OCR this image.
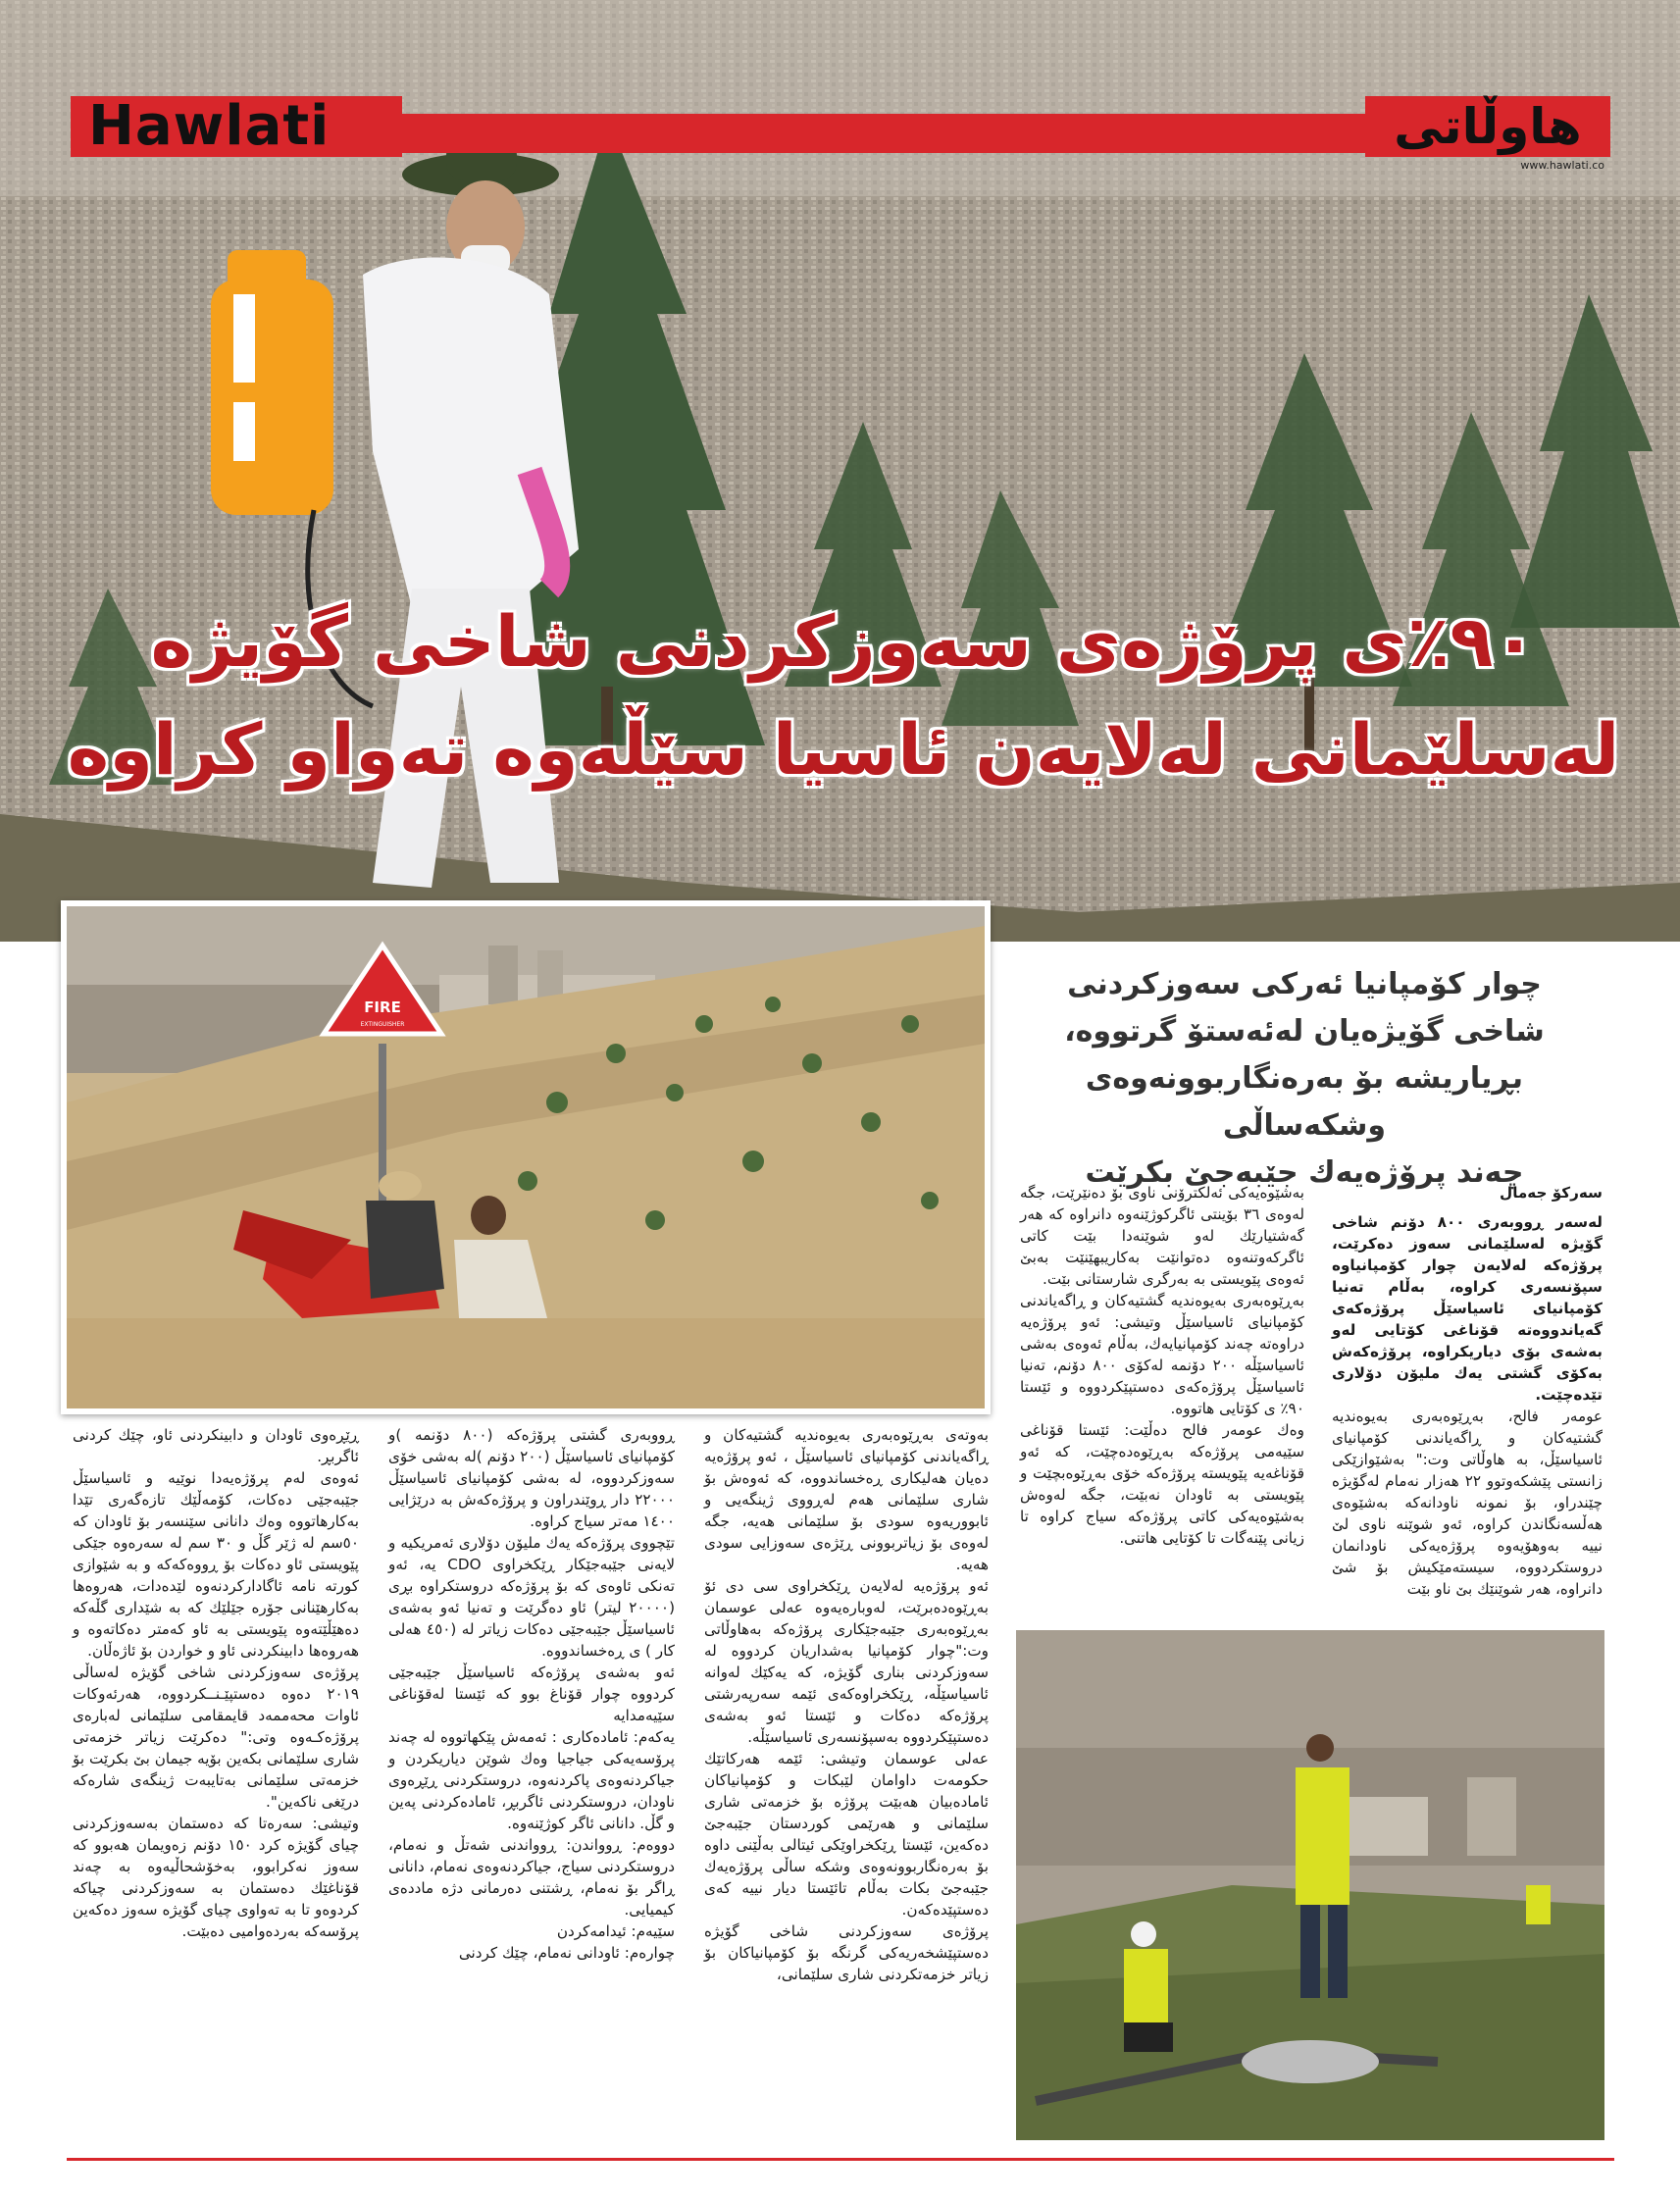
Hawlati	هاوڵاتی
www.hawlati.co
٩٠٪ی پرۆژەی سەوزکردنی شاخی گۆیژە
لەسلێمانی لەلایەن ئاسیا سێڵەوە تەواو کراوە
FIRE
EXTINGUISHER
چوار کۆمپانیا ئەرکی سەوزکردنی
شاخی گۆیژەیان لەئەستۆ گرتووە،
بڕیاریشە بۆ بەرەنگاربوونەوەی وشکەساڵی
چەند پرۆژەیەك جێبەجێ بکرێت

سەرکۆ جەمال

لەسەر ڕووبەری ٨٠٠ دۆنم شاخی گۆیژە لەسلێمانی سەوز دەکرێت، پرۆژەکە لەلایەن چوار کۆمپانیاوە سپۆنسەری کراوە، بەڵام تەنیا کۆمپانیای ئاسیاسێڵ پرۆژەکەی گەیاندووەتە قۆناغی کۆتایی لەو بەشەی بۆی دیاریکراوە، پرۆژەکەش بەکۆی گشتی یەك ملیۆن دۆلاری تێدەچێت.

عومەر فالح، بەڕێوەبەری بەیوەندیە گشتیەکان و ڕاگەیاندنی کۆمپانیای ئاسیاسێڵ، بە هاوڵاتی وت:" بەشێوازێکی زانستی پێشکەوتوو ٢٢ هەزار نەمام لەگۆیژە چێندراو، بۆ نمونە ناودانەکە بەشێوەی هەڵسەنگاندن کراوە، ئەو شوێنە ناوی لێ نییە بەوهۆیەوە پرۆژەیەکی ناودانمان دروستکردووە، سیستەمێکیش بۆ شێ دانراوە، هەر شوێنێك بێ ناو بێت

بەشێوەیەکی ئەلکترۆنی ناوی بۆ دەنێرێت، جگە لەوەی ٣٦ بۆینتی ئاگرکوژێنەوە دانراوە کە هەر گەشتیارێك لەو شوێنەدا بێت کاتی ئاگرکەوتنەوە دەتوانێت بەکاریبهێنێت بەبێ ئەوەی پێویستی بە بەرگری شارستانی بێت.

بەڕێوەبەری بەیوەندیە گشتیەکان و ڕاگەیاندنی کۆمپانیای ئاسیاسێڵ وتیشی: ئەو پرۆژەیە دراوەتە چەند کۆمپانیایەك، بەڵام ئەوەی بەشی ئاسیاسێڵە ٢٠٠ دۆنمە لەکۆی ٨٠٠ دۆنم، تەنیا ئاسیاسێڵ پرۆژەکەی دەستپێکردووە و ئێستا ٩٠٪ ی کۆتایی هاتووە.

وەك عومەر فالح دەڵێت: ئێستا قۆناغی سێیەمی پرۆژەکە بەڕێوەدەچێت، کە ئەو قۆناغەیە پێویستە پرۆژەکە خۆی بەڕێوەبچێت و پێویستی بە ئاودان نەبێت، جگە لەوەش بەشێوەیەکی کاتی پرۆژەکە سیاج کراوە تا زیانی پێنەگات تا کۆتایی هاتنی.

بەوتەی بەڕێوەبەری بەیوەندیە گشتیەکان و ڕاگەیاندنی کۆمپانیای ئاسیاسێڵ ، ئەو پرۆژەیە دەیان هەلیکاری ڕەخساندووە، کە ئەوەش بۆ شاری سلێمانی هەم لەڕووی ژینگەیی و ئابووریەوە سودی بۆ سلێمانی هەیە، جگە لەوەی بۆ زیاتربوونی ڕێژەی سەوزایی سودی هەیە.

ئەو پرۆژەیە لەلایەن ڕێکخراوی سی دی ئۆ بەڕێوەدەبرێت، لەوبارەیەوە عەلی عوسمان بەڕێوەبەری جێبەجێکاری پرۆژەکە بەهاوڵاتی وت:"چوار کۆمپانیا بەشداریان کردووە لە سەوزکردنی بناری گۆیژە، کە یەکێك لەوانە ئاسیاسێڵە، ڕێکخراوەکەی ئێمە سەرپەرشتی پرۆژەکە دەکات و ئێستا ئەو بەشەی دەستپێکردووە بەسپۆنسەری ئاسیاسێڵە.

عەلی عوسمان وتیشی: ئێمە هەرکاتێك حکومەت داوامان لێبکات و کۆمپانیاکان ئامادەبیان هەبێت پرۆژە بۆ خزمەتی شاری سلێمانی و هەرێمی کوردستان جێبەجێ دەکەین، ئێستا ڕێکخراوێکی ئیتالی بەڵێنی داوە بۆ بەرەنگاربوونەوەی وشکە ساڵی پرۆژەیەك جێبەجێ بکات بەڵام تائێستا دیار نییە کەی دەستپێدەکەن.

پرۆژەی سەوزکردنی شاخی گۆیژە دەستپێشخەریەکی گرنگە بۆ کۆمپانیاکان بۆ زیاتر خزمەتکردنی شاری سلێمانی،

ڕووبەری گشتی پرۆژەکە (٨٠٠ دۆنمە )و کۆمپانیای ئاسیاسێڵ (٢٠٠ دۆنم )لە بەشی خۆی سەوزکردووە، لە بەشی کۆمپانیای ئاسیاسێڵ ٢٢٠٠٠ دار ڕوێندراون و پرۆژەکەش بە درێژایی ١٤٠٠ مەتر سیاج کراوە.

تێچووی پرۆژەکە یەك ملیۆن دۆلاری ئەمریکیە و لایەنی جێبەجێکار ڕێکخراوی CDO یە، ئەو تەنکی ئاوەی کە بۆ پرۆژەکە دروستکراوە بڕی (٢٠٠٠٠ لیتر) ئاو دەگرێت و تەنیا ئەو بەشەی ئاسیاسێڵ جێبەجێی دەکات زیاتر لە (٤٥٠ هەلی کار ) ی ڕەخساندووە.

ئەو بەشەی پرۆژەکە ئاسیاسێڵ جێبەجێی کردووە چوار قۆناغ بوو کە ئێستا لەقۆناغی سێیەمدایە

یەکەم: ئامادەکاری : ئەمەش پێکهاتووە لە چەند پرۆسەیەکی جیاجیا وەك شوێن دیاریکردن و جیاکردنەوەی پاکردنەوە، دروستکردنی ڕێڕەوی ناودان، دروستکردنی ئاگربڕ، ئامادەکردنی پەین و گڵ. دانانی ئاگر کوژێنەوە.

دووەم: ڕوواندن: ڕوواندنی شەتڵ و نەمام، دروستکردنی سیاج، جیاکردنەوەی نەمام، دانانی ڕاگر بۆ نەمام، ڕشتنی دەرمانی دژە ماددەی کیمیایی.

سێیەم: ئیدامەکردن

چوارەم: ئاودانی نەمام، چێك کردنی

ڕێڕەوی ئاودان و دابینکردنی ئاو، چێك کردنی ئاگربڕ.

ئەوەی لەم پرۆژەیەدا نوێیە و ئاسیاسێڵ جێبەجێی دەکات، کۆمەڵێك تازەگەری تێدا بەکارهاتووە وەك دانانی سێنسەر بۆ ئاودان کە ٥٠سم لە ژێر گڵ و ٣٠ سم لە سەرەوە جێکی پێویستی ئاو دەکات بۆ ڕووەکەکە و بە شێوازی کورتە نامە ئاگادارکردنەوە لێدەدات، هەروەها بەکارهێنانی جۆرە جێلێك کە بە شێداری گڵەکە دەهێڵێتەوە پێویستی بە ئاو کەمتر دەکاتەوە و هەروەها دابینکردنی ئاو و خواردن بۆ ئاژەڵان.

پرۆژەی سەوزکردنی شاخی گۆیژە لەساڵی ٢٠١٩ دەوە دەستپێـنــکردووە، هەرئەوکات ئاوات محەممەد قایمقامی سلێمانی لەبارەی پرۆژەکـەوە وتی:" دەکرێت زیاتر خزمەتی شاری سلێمانی بکەین بۆیە جیمان بێ بکرێت بۆ خزمەتی سلێمانی بەتایبەت ژینگەی شارەکە درێغی ناکەین".

وتیشی: سەرەتا کە دەستمان بەسەوزکردنی چیای گۆیژە کرد ١٥٠ دۆنم زەویمان هەبوو کە سەوز نەکرابوو، بەخۆشحاڵیەوە بە چەند قۆناغێك دەستمان بە سەوزکردنی چیاکە کردوەو تا بە تەواوی چیای گۆیژە سەوز دەکەین پرۆسەکە بەردەوامیی دەبێت.
